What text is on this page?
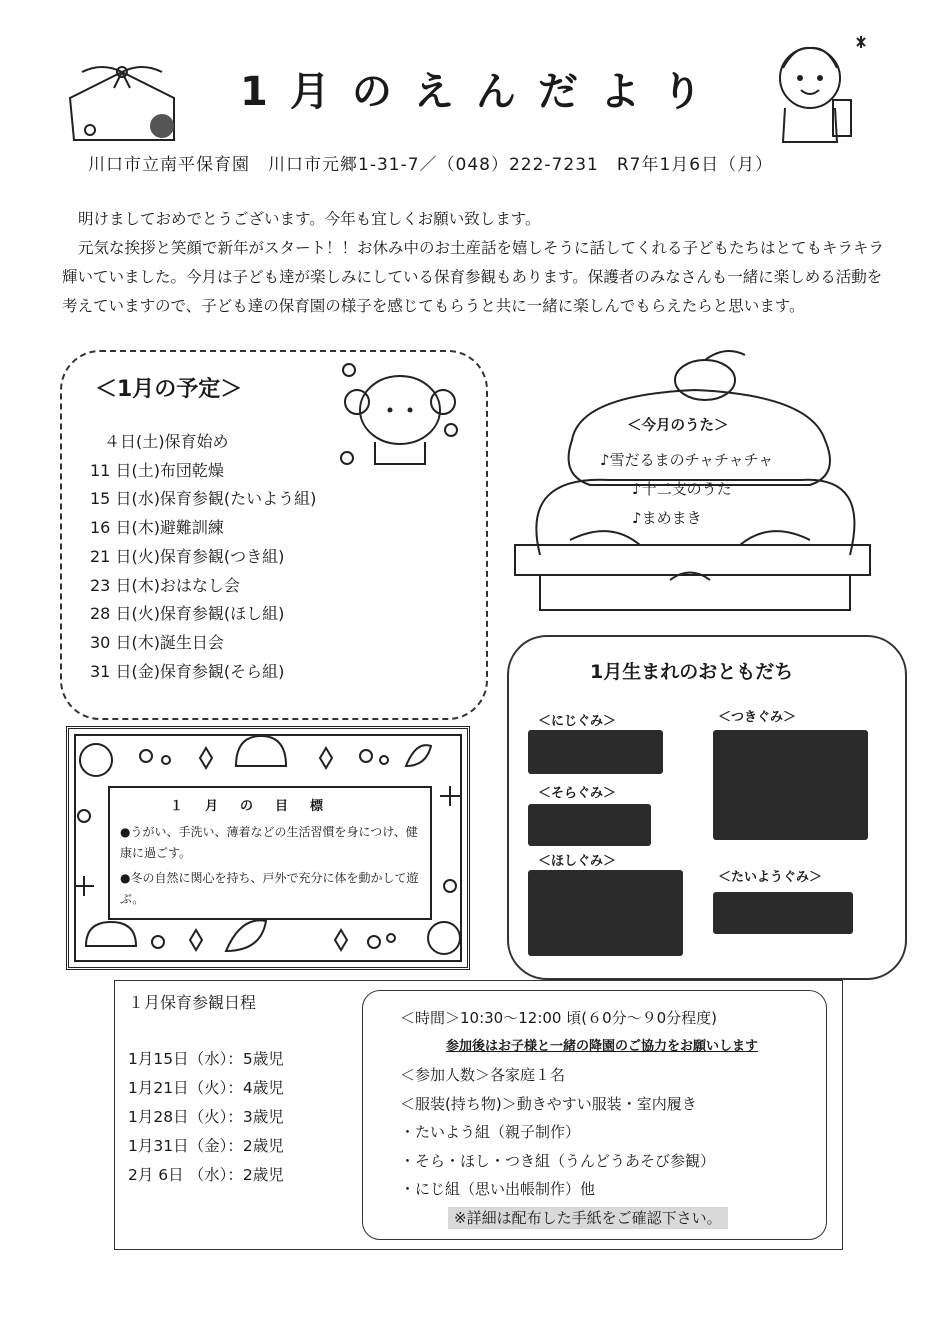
1月のえんだより
川口市立南平保育園　川口市元郷1-31-7／（048）222-7231　R7年1月6日（月）

明けましておめでとうございます。今年も宜しくお願い致します。

元気な挨拶と笑顔で新年がスタート！！お休み中のお土産話を嬉しそうに話してくれる子どもたちはとてもキラキラ輝いていました。今月は子ども達が楽しみにしている保育参観もあります。保護者のみなさんも一緒に楽しめる活動を考えていますので、子ども達の保育園の様子を感じてもらうと共に一緒に楽しんでもらえたらと思います。

＜1月の予定＞
４日(土)保育始め
11 日(土)布団乾燥
15 日(水)保育参観(たいよう組)
16 日(木)避難訓練
21 日(火)保育参観(つき組)
23 日(木)おはなし会
28 日(火)保育参観(ほし組)
30 日(木)誕生日会
31 日(金)保育参観(そら組)
＜今月のうた＞
♪雪だるまのチャチャチャ
♪十二支のうた
♪まめまき
1月生まれのおともだち
＜にじぐみ＞
＜そらぐみ＞
＜ほしぐみ＞
＜つきぐみ＞
＜たいようぐみ＞
１月の目標

●うがい、手洗い、薄着などの生活習慣を身につけ、健康に過ごす。

●冬の自然に関心を持ち、戸外で充分に体を動かして遊ぶ。

１月保育参観日程
1月15日（水）：5歳児
1月21日（火）：4歳児
1月28日（火）：3歳児
1月31日（金）：2歳児
2月 6日 （水）：2歳児
＜時間＞10:30～12:00 頃(６0分～９0分程度)
参加後はお子様と一緒の降園のご協力をお願いします
＜参加人数＞各家庭１名
＜服装(持ち物)＞動きやすい服装・室内履き
・たいよう組（親子制作）
・そら・ほし・つき組（うんどうあそび参観）
・にじ組（思い出帳制作）他
※詳細は配布した手紙をご確認下さい。
